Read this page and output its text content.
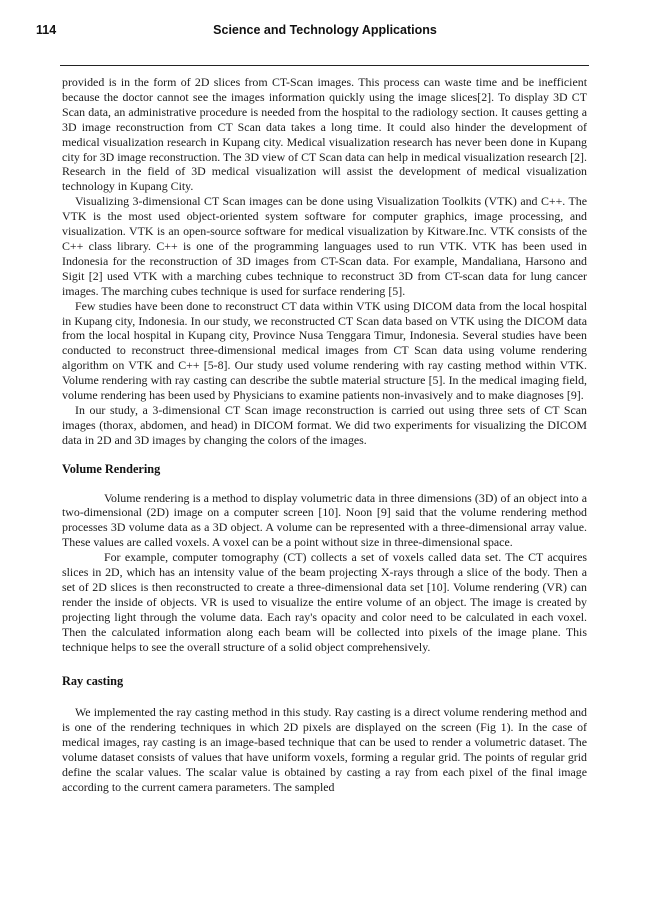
114	Science and Technology Applications

provided is in the form of 2D slices from CT-Scan images. This process can waste time and be inefficient because the doctor cannot see the images information quickly using the image slices[2]. To display 3D CT Scan data, an administrative procedure is needed from the hospital to the radiology section. It causes getting a 3D image reconstruction from CT Scan data takes a long time. It could also hinder the development of medical visualization research in Kupang city. Medical visualization research has never been done in Kupang city for 3D image reconstruction. The 3D view of CT Scan data can help in medical visualization research [2]. Research in the field of 3D medical visualization will assist the development of medical visualization technology in Kupang City.

Visualizing 3-dimensional CT Scan images can be done using Visualization Toolkits (VTK) and C++. The VTK is the most used object-oriented system software for computer graphics, image processing, and visualization. VTK is an open-source software for medical visualization by Kitware.Inc. VTK consists of the C++ class library. C++ is one of the programming languages used to run VTK. VTK has been used in Indonesia for the reconstruction of 3D images from CT-Scan data. For example, Mandaliana, Harsono and Sigit [2] used VTK with a marching cubes technique to reconstruct 3D from CT-scan data for lung cancer images. The marching cubes technique is used for surface rendering [5].

Few studies have been done to reconstruct CT data within VTK using DICOM data from the local hospital in Kupang city, Indonesia. In our study, we reconstructed CT Scan data based on VTK using the DICOM data from the local hospital in Kupang city, Province Nusa Tenggara Timur, Indonesia. Several studies have been conducted to reconstruct three-dimensional medical images from CT Scan data using volume rendering algorithm on VTK and C++ [5-8]. Our study used volume rendering with ray casting method within VTK. Volume rendering with ray casting can describe the subtle material structure [5]. In the medical imaging field, volume rendering has been used by Physicians to examine patients non-invasively and to make diagnoses [9].

In our study, a 3-dimensional CT Scan image reconstruction is carried out using three sets of CT Scan images (thorax, abdomen, and head) in DICOM format. We did two experiments for visualizing the DICOM data in 2D and 3D images by changing the colors of the images.

Volume Rendering

Volume rendering is a method to display volumetric data in three dimensions (3D) of an object into a two-dimensional (2D) image on a computer screen [10]. Noon [9] said that the volume rendering method processes 3D volume data as a 3D object. A volume can be represented with a three-dimensional array value. These values are called voxels. A voxel can be a point without size in three-dimensional space.

For example, computer tomography (CT) collects a set of voxels called data set. The CT acquires slices in 2D, which has an intensity value of the beam projecting X-rays through a slice of the body. Then a set of 2D slices is then reconstructed to create a three-dimensional data set [10]. Volume rendering (VR) can render the inside of objects. VR is used to visualize the entire volume of an object. The image is created by projecting light through the volume data. Each ray's opacity and color need to be calculated in each voxel. Then the calculated information along each beam will be collected into pixels of the image plane. This technique helps to see the overall structure of a solid object comprehensively.

Ray casting

We implemented the ray casting method in this study. Ray casting is a direct volume rendering method and is one of the rendering techniques in which 2D pixels are displayed on the screen (Fig 1). In the case of medical images, ray casting is an image-based technique that can be used to render a volumetric dataset. The volume dataset consists of values that have uniform voxels, forming a regular grid. The points of regular grid define the scalar values. The scalar value is obtained by casting a ray from each pixel of the final image according to the current camera parameters. The sampled
